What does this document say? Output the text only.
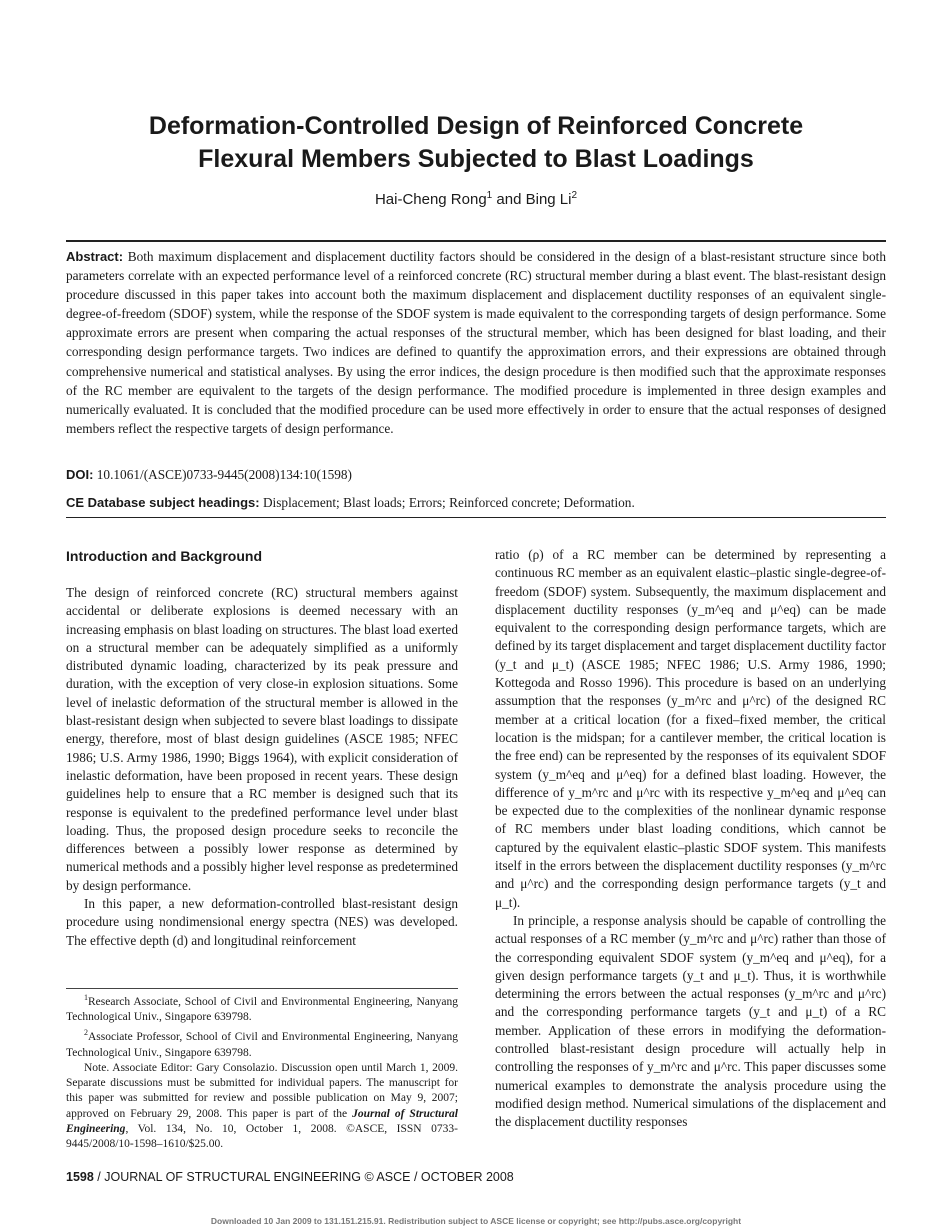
Deformation-Controlled Design of Reinforced Concrete
Flexural Members Subjected to Blast Loadings
Hai-Cheng Rong$^1$ and Bing Li$^2$
Abstract: Both maximum displacement and displacement ductility factors should be considered in the design of a blast-resistant structure since both parameters correlate with an expected performance level of a reinforced concrete (RC) structural member during a blast event. The blast-resistant design procedure discussed in this paper takes into account both the maximum displacement and displacement ductility responses of an equivalent single-degree-of-freedom (SDOF) system, while the response of the SDOF system is made equivalent to the corresponding targets of design performance. Some approximate errors are present when comparing the actual responses of the structural member, which has been designed for blast loading, and their corresponding design performance targets. Two indices are defined to quantify the approximation errors, and their expressions are obtained through comprehensive numerical and statistical analyses. By using the error indices, the design procedure is then modified such that the approximate responses of the RC member are equivalent to the targets of the design performance. The modified procedure is implemented in three design examples and numerically evaluated. It is concluded that the modified procedure can be used more effectively in order to ensure that the actual responses of designed members reflect the respective targets of design performance.
DOI: 10.1061/(ASCE)0733-9445(2008)134:10(1598)
CE Database subject headings: Displacement; Blast loads; Errors; Reinforced concrete; Deformation.
Introduction and Background

The design of reinforced concrete (RC) structural members against accidental or deliberate explosions is deemed necessary with an increasing emphasis on blast loading on structures. The blast load exerted on a structural member can be adequately simplified as a uniformly distributed dynamic loading, characterized by its peak pressure and duration, with the exception of very close-in explosion situations. Some level of inelastic deformation of the structural member is allowed in the blast-resistant design when subjected to severe blast loadings to dissipate energy, therefore, most of blast design guidelines (ASCE 1985; NFEC 1986; U.S. Army 1986, 1990; Biggs 1964), with explicit consideration of inelastic deformation, have been proposed in recent years. These design guidelines help to ensure that a RC member is designed such that its response is equivalent to the predefined performance level under blast loading. Thus, the proposed design procedure seeks to reconcile the differences between a possibly lower response as determined by numerical methods and a possibly higher level response as predetermined by design performance.

In this paper, a new deformation-controlled blast-resistant design procedure using nondimensional energy spectra (NES) was developed. The effective depth (d) and longitudinal reinforcement

$^1$Research Associate, School of Civil and Environmental Engineering, Nanyang Technological Univ., Singapore 639798.

$^2$Associate Professor, School of Civil and Environmental Engineering, Nanyang Technological Univ., Singapore 639798.

Note. Associate Editor: Gary Consolazio. Discussion open until March 1, 2009. Separate discussions must be submitted for individual papers. The manuscript for this paper was submitted for review and possible publication on May 9, 2007; approved on February 29, 2008. This paper is part of the Journal of Structural Engineering, Vol. 134, No. 10, October 1, 2008. ©ASCE, ISSN 0733-9445/2008/10-1598–1610/$25.00.

ratio (ρ) of a RC member can be determined by representing a continuous RC member as an equivalent elastic–plastic single-degree-of-freedom (SDOF) system. Subsequently, the maximum displacement and displacement ductility responses (y_m^eq and μ^eq) can be made equivalent to the corresponding design performance targets, which are defined by its target displacement and target displacement ductility factor (y_t and μ_t) (ASCE 1985; NFEC 1986; U.S. Army 1986, 1990; Kottegoda and Rosso 1996). This procedure is based on an underlying assumption that the responses (y_m^rc and μ^rc) of the designed RC member at a critical location (for a fixed–fixed member, the critical location is the midspan; for a cantilever member, the critical location is the free end) can be represented by the responses of its equivalent SDOF system (y_m^eq and μ^eq) for a defined blast loading. However, the difference of y_m^rc and μ^rc with its respective y_m^eq and μ^eq can be expected due to the complexities of the nonlinear dynamic response of RC members under blast loading conditions, which cannot be captured by the equivalent elastic–plastic SDOF system. This manifests itself in the errors between the displacement ductility responses (y_m^rc and μ^rc) and the corresponding design performance targets (y_t and μ_t).

In principle, a response analysis should be capable of controlling the actual responses of a RC member (y_m^rc and μ^rc) rather than those of the corresponding equivalent SDOF system (y_m^eq and μ^eq), for a given design performance targets (y_t and μ_t). Thus, it is worthwhile determining the errors between the actual responses (y_m^rc and μ^rc) and the corresponding performance targets (y_t and μ_t) of a RC member. Application of these errors in modifying the deformation-controlled blast-resistant design procedure will actually help in controlling the responses of y_m^rc and μ^rc. This paper discusses some numerical examples to demonstrate the analysis procedure using the modified design method. Numerical simulations of the displacement and the displacement ductility responses

1598 / JOURNAL OF STRUCTURAL ENGINEERING © ASCE / OCTOBER 2008
Downloaded 10 Jan 2009 to 131.151.215.91. Redistribution subject to ASCE license or copyright; see http://pubs.asce.org/copyright
